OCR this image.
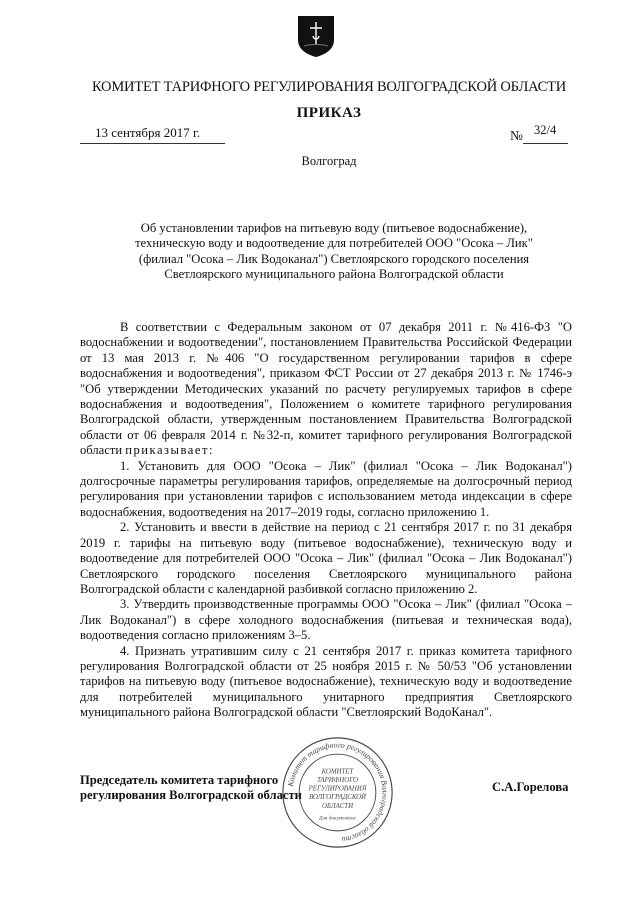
КОМИТЕТ ТАРИФНОГО РЕГУЛИРОВАНИЯ ВОЛГОГРАДСКОЙ ОБЛАСТИ
ПРИКАЗ
13 сентября 2017 г.	№ 32/4
Волгоград
Об установлении тарифов на питьевую воду (питьевое водоснабжение),
техническую воду и водоотведение для потребителей ООО "Осока – Лик"
(филиал "Осока – Лик Водоканал") Светлоярского городского поселения
Светлоярского муниципального района Волгоградской области

В соответствии с Федеральным законом от 07 декабря 2011 г. №416-ФЗ "О водоснабжении и водоотведении", постановлением Правительства Российской Федерации от 13 мая 2013 г. №406 "О государственном регулировании тарифов в сфере водоснабжения и водоотведения", приказом ФСТ России от 27 декабря 2013 г. № 1746-э "Об утверждении Методических указаний по расчету регулируемых тарифов в сфере водоснабжения и водоотведения", Положением о комитете тарифного регулирования Волгоградской области, утвержденным постановлением Правительства Волгоградской области от 06 февраля 2014 г. №32-п, комитет тарифного регулирования Волгоградской области приказывает:

1. Установить для ООО "Осока – Лик" (филиал "Осока – Лик Водоканал") долгосрочные параметры регулирования тарифов, определяемые на долгосрочный период регулирования при установлении тарифов с использованием метода индексации в сфере водоснабжения, водоотведения на 2017–2019 годы, согласно приложению 1.

2. Установить и ввести в действие на период с 21 сентября 2017 г. по 31 декабря 2019 г. тарифы на питьевую воду (питьевое водоснабжение), техническую воду и водоотведение для потребителей ООО "Осока – Лик" (филиал "Осока – Лик Водоканал") Светлоярского городского поселения Светлоярского муниципального района Волгоградской области с календарной разбивкой согласно приложению 2.

3. Утвердить производственные программы ООО "Осока – Лик" (филиал "Осока – Лик Водоканал") в сфере холодного водоснабжения (питьевая и техническая вода), водоотведения согласно приложениям 3–5.

4. Признать утратившим силу с 21 сентября 2017 г. приказ комитета тарифного регулирования Волгоградской области от 25 ноября 2015 г. № 50/53 "Об установлении тарифов на питьевую воду (питьевое водоснабжение), техническую воду и водоотведение для потребителей муниципального унитарного предприятия Светлоярского муниципального района Волгоградской области "Светлоярский ВодоКанал".

Председатель комитета тарифного
регулирования Волгоградской области
Комитет тарифного регулирования Волгоградской области
КОМИТЕТ
ТАРИФНОГО
РЕГУЛИРОВАНИЯ
ВОЛГОГРАДСКОЙ
ОБЛАСТИ
Для документов
С.А.Горелова
